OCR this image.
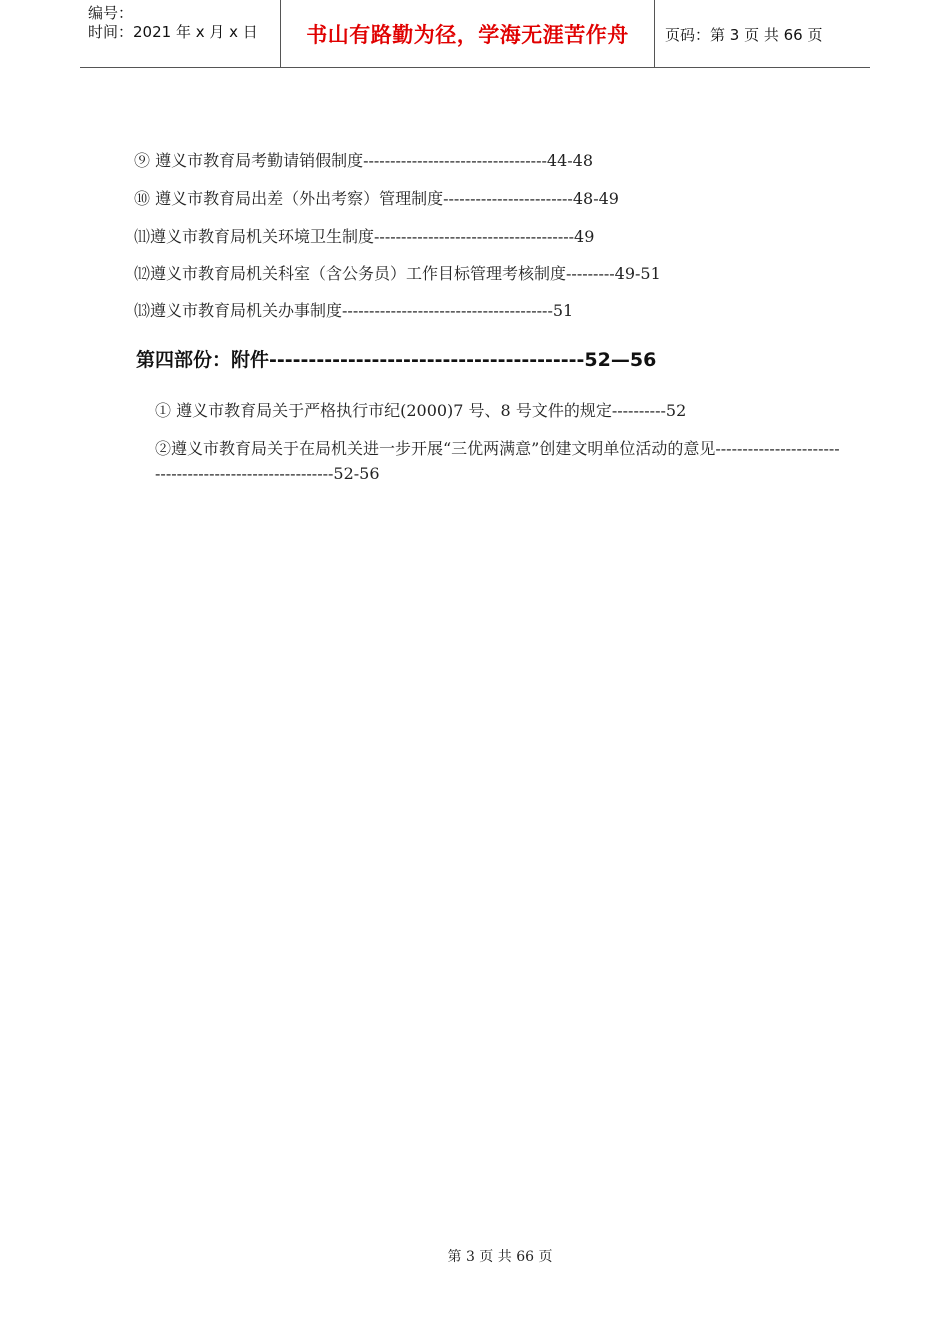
编号：
时间：2021 年 x 月 x 日	书山有路勤为径，学海无涯苦作舟 页码：第 3 页 共 66 页
⑨ 遵义市教育局考勤请销假制度----------------------------------44-48
⑩ 遵义市教育局出差（外出考察）管理制度------------------------48-49
⑾遵义市教育局机关环境卫生制度-------------------------------------49
⑿遵义市教育局机关科室（含公务员）工作目标管理考核制度---------49-51
⒀遵义市教育局机关办事制度---------------------------------------51
第四部份：附件----------------------------------------52—56
① 遵义市教育局关于严格执行市纪(2000)7 号、8 号文件的规定----------52
②遵义市教育局关于在局机关进一步开展“三优两满意”创建文明单位活动的意见--------------------------------------------------------52-56
第 3 页 共 66 页
